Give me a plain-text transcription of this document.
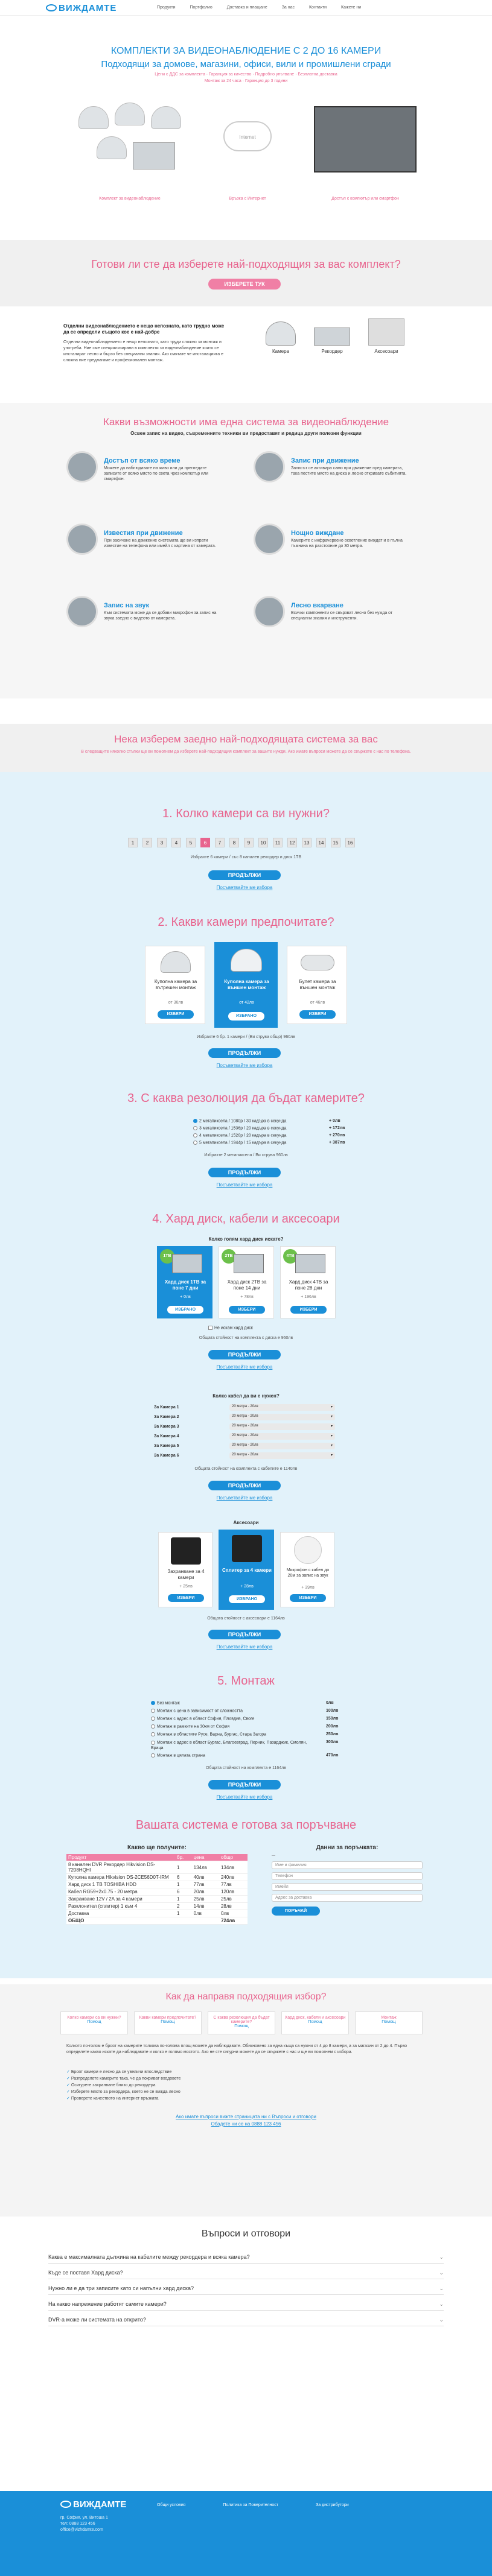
ВИЖДАМТЕ	Продукти	Портфолио	Доставка и плащане	За нас	Контакти	Кажете ни
КОМПЛЕКТИ ЗА ВИДЕОНАБЛЮДЕНИЕ С 2 ДО 16 КАМЕРИ
Подходящи за домове, магазини, офиси, вили и промишлени сгради
Цени с ДДС за комплекта · Гаранция за качество · Подробно упътване · Безплатна доставка
Монтаж за 24 часа · Гаранция до 3 години
Internet
Комплект за видеонаблюдение	Връзка с Интернет	Достъп с компютър или смартфон
Готови ли сте да изберете най-подходящия за вас комплект?
ИЗБЕРЕТЕ ТУК
Отделни видеонаблюдението е нещо непознато, като трудно може да се определи същото кое е най-добре
Отделни видеонаблюдението е нещо непознато, като труди сложно за монтаж и употреба. Ние сме специализирани в комплекти за видеонаблюдение които се инсталират лесно и бързо без специални знания. Ако смятате че инсталацията е сложна ние предлагаме и професионален монтаж.
Камера	Рекордер	Аксесоари
Какви възможности има една система за видеонаблюдение
Освен запис на видео, съвременните техники ви предоставят и редица други полезни функции
Достъп от всяко време
Можете да наблюдавате на живо или да прегледате записите от всяко място по света чрез компютър или смартфон.
Запис при движение
Записът се активира само при движение пред камерата, така пестите място на диска и лесно откривате събитията.
Известия при движение
При засичане на движение системата ще ви изпрати известие на телефона или имейл с картина от камерата.
Нощно виждане
Камерите с инфрачервено осветление виждат и в пълна тъмнина на разстояние до 30 метра.
Запис на звук
Към системата може да се добави микрофон за запис на звука заедно с видеото от камерата.
Лесно вкарване
Всички компоненти се свързват лесно без нужда от специални знания и инструменти.
Нека изберем заедно най-подходящата система за вас
В следващите няколко стъпки ще ви помогнем да изберете най-подходящия комплект за вашите нужди. Ако имате въпроси можете да се свържете с нас по телефона.
1. Колко камери са ви нужни?
1	2	3	4	5	6	7	8	9	10	11	12	13	14	15	16
Избрахте 6 камери / със 8 канален рекордер и диск 1TB
ПРОДЪЛЖИ
Посъветвайте ме избора
2. Какви камери предпочитате?
Куполна камера за вътрешен монтаж
от 36лв
ИЗБЕРИ
Куполна камера за външен монтаж
от 42лв
ИЗБРАНО
Булет камера за външен монтаж
от 46лв
ИЗБЕРИ
Избрахте 6 бр. 1 камери / (Ви струва общо) 960лв
ПРОДЪЛЖИ
Посъветвайте ме избора
3. С каква резолюция да бъдат камерите?
2 мегапиксела / 1080p / 30 кадъра в секунда	+ 0лв
3 мегапиксела / 1536p / 20 кадъра в секунда	+ 172лв
4 мегапиксела / 1520p / 20 кадъра в секунда	+ 270лв
5 мегапиксела / 1944p / 15 кадъра в секунда	+ 387лв
Избрахте 2 мегапиксела / Ви струва 960лв
ПРОДЪЛЖИ
Посъветвайте ме избора
4. Хард диск, кабели и аксесоари
Колко голям хард диск искате?
1TB
Хард диск 1TB за поне 7 дни
+ 0лв
ИЗБРАНО
2TB
Хард диск 2TB за поне 14 дни
+ 78лв
ИЗБЕРИ
4TB
Хард диск 4TB за поне 28 дни
+ 196лв
ИЗБЕРИ
Не искам хард диск
Общата стойност на комплекта с диска е 960лв
ПРОДЪЛЖИ
Посъветвайте ме избора
Колко кабел да ви е нужен?
За Камера 1	20 метра - 20лв	▾
За Камера 2	20 метра - 20лв	▾
За Камера 3	20 метра - 20лв	▾
За Камера 4	20 метра - 20лв	▾
За Камера 5	20 метра - 20лв	▾
За Камера 6	20 метра - 20лв	▾
Общата стойност на комплекта с кабелите е 1140лв
ПРОДЪЛЖИ
Посъветвайте ме избора
Аксесоари
Захранване за 4 камери
+ 25лв
ИЗБЕРИ
Сплитер за 4 камери
+ 28лв
ИЗБРАНО
Микрофон с кабел до 20м за запис на звук
+ 39лв
ИЗБЕРИ
Общата стойност с аксесоари е 1164лв
ПРОДЪЛЖИ
Посъветвайте ме избора
5. Монтаж
Без монтаж	0лв
Монтаж с цена в зависимост от сложността	100лв
Монтаж с адрес в област София, Пловдив, Своге	150лв
Монтаж в рамките на 30км от София	200лв
Монтаж в областите Русе, Варна, Бургас, Стара Загора	250лв
Монтаж с адрес в област Бургас, Благоевград, Перник, Пазарджик, Смолян, Враца
300лв
Монтаж в цялата страна	470лв
Общата стойност на комплекта е 1164лв
ПРОДЪЛЖИ
Посъветвайте ме избора
Вашата система е готова за поръчване
Какво ще получите:
Продукт	бр.	цена	общо
8 канален DVR Рекордер Hikvision DS-7208HQHI	1	134лв	134лв
Куполна камера Hikvision DS-2CE56D0T-IRM	6	40лв	240лв
Хард диск 1 TB TOSHIBA HDD	1	77лв	77лв
Кабел RG59+2x0.75 - 20 метра	6	20лв	120лв
Захранване 12V / 2A за 4 камери	1	25лв	25лв
Разклонител (сплитер) 1 към 4	2	14лв	28лв
Доставка	1	0лв	0лв
ОБЩО			724лв
Данни за поръчката:
—
Име и фамилия
Телефон
Имейл
Адрес за доставка
ПОРЪЧАЙ
Как да направя подходящия избор?
Колко камери са ви нужни?
Помощ
Какви камери предпочитате?
Помощ
С каква резолюция да бъдат камерите?
Помощ
Хард диск, кабели и аксесоари
Помощ
Монтаж
Помощ
Колкото по-голям е броят на камерите толкова по-голяма площ можете да наблюдавате. Обикновено за една къща са нужни от 4 до 8 камери, а за магазин от 2 до 4. Първо определете какво искате да наблюдавате и колко е голямо мястото. Ако не сте сигурни можете да се свържете с нас и ще ви помогнем с избора.
✓ Броят камери е лесно да се увеличи впоследствие
✓ Разпределете камерите така, че да покриват входовете
✓ Осигурете захранване близо до рекордера
✓ Изберете място за рекордера, което не се вижда лесно
✓ Проверете качеството на интернет връзката
Ако имате въпроси вижте страницата ни с Въпроси и отговори
Обадете ни се на 0888 123 456
Въпроси и отговори
Каква е максималната дължина на кабелите между рекордера и всяка камера?	⌄
Къде се поставя Хард диска?	⌄
Нужно ли е да три записите като си напълни хард диска?	⌄
На какво напрежение работят самите камери?	⌄
DVR-а може ли системата на открито?	⌄
ВИЖДАМТЕ
гр. София, ул. Витоша 1
тел: 0888 123 456
office@vizhdamte.com
Общи условия	Политика за Поверителност	За дистрибутори
